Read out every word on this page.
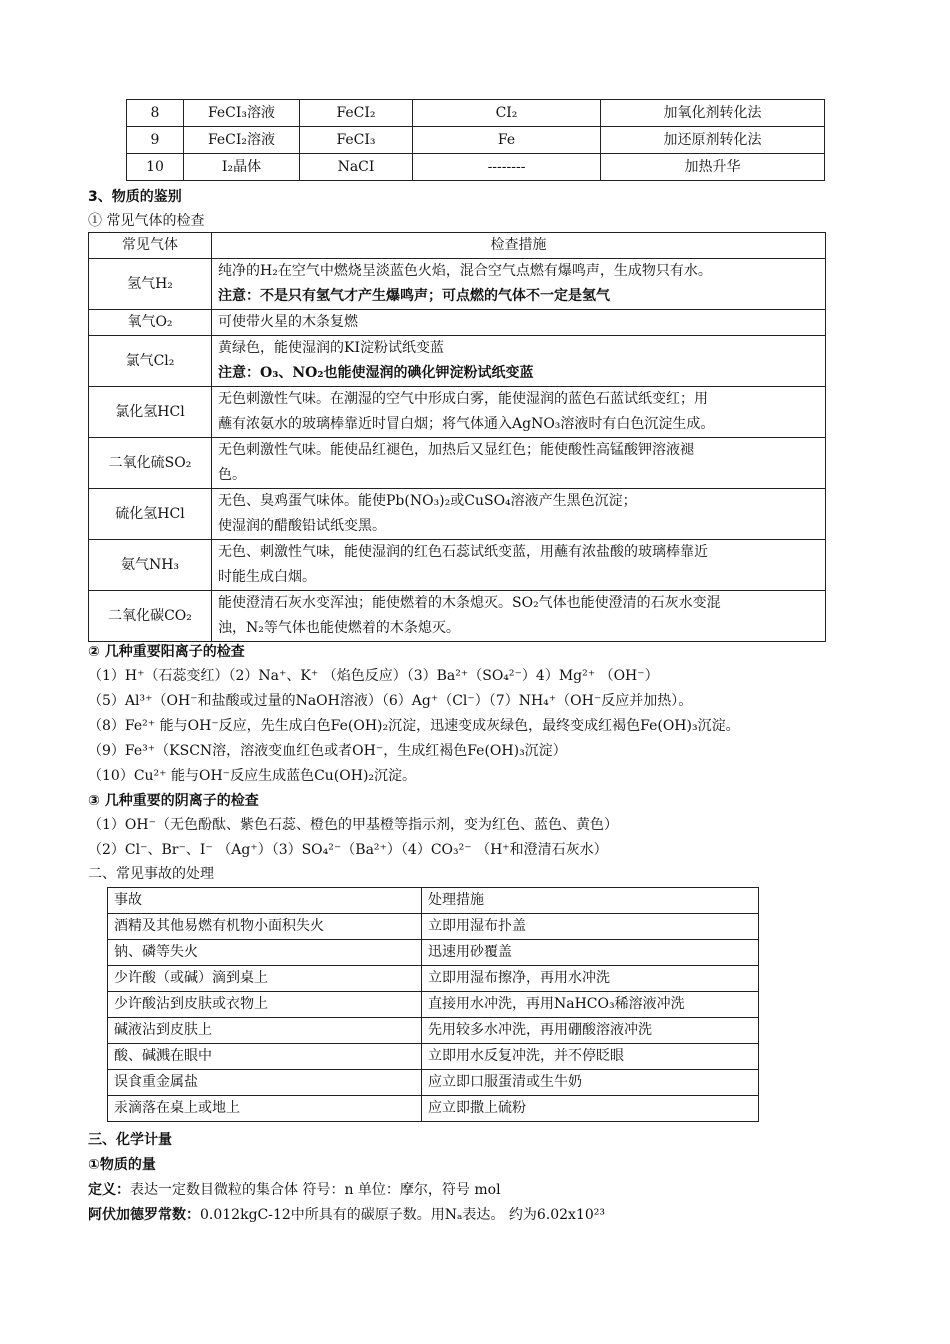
8	FeCI₃溶液	FeCI₂	CI₂	加氧化剂转化法
9	FeCI₂溶液	FeCI₃	Fe	加还原剂转化法
10	I₂晶体	NaCI	--------	加热升华
3、物质的鉴别
① 常见气体的检查
常见气体	检查措施
氢气H₂	纯净的H₂在空气中燃烧呈淡蓝色火焰，混合空气点燃有爆鸣声，生成物只有水。
注意：不是只有氢气才产生爆鸣声；可点燃的气体不一定是氢气

氧气O₂	可使带火星的木条复燃

氯气Cl₂	黄绿色，能使湿润的KI淀粉试纸变蓝
注意：O₃、NO₂也能使湿润的碘化钾淀粉试纸变蓝

氯化氢HCl	无色刺激性气味。在潮湿的空气中形成白雾，能使湿润的蓝色石蓝试纸变红；用
蘸有浓氨水的玻璃棒靠近时冒白烟；将气体通入AgNO₃溶液时有白色沉淀生成。

二氧化硫SO₂	无色刺激性气味。能使品红褪色，加热后又显红色；能使酸性高锰酸钾溶液褪
色。

硫化氢HCl	无色、臭鸡蛋气味体。能使Pb(NO₃)₂或CuSO₄溶液产生黑色沉淀；
使湿润的醋酸铅试纸变黑。

氨气NH₃	无色、刺激性气味，能使湿润的红色石蕊试纸变蓝，用蘸有浓盐酸的玻璃棒靠近
时能生成白烟。

二氧化碳CO₂	能使澄清石灰水变浑浊；能使燃着的木条熄灭。SO₂气体也能使澄清的石灰水变混
浊，N₂等气体也能使燃着的木条熄灭。
② 几种重要阳离子的检查
（1）H⁺（石蕊变红）（2）Na⁺、K⁺ （焰色反应）（3）Ba²⁺（SO₄²⁻）4）Mg²⁺ （OH⁻）
（5）Al³⁺（OH⁻和盐酸或过量的NaOH溶液）（6）Ag⁺（Cl⁻）（7）NH₄⁺（OH⁻反应并加热）。
（8）Fe²⁺ 能与OH⁻反应，先生成白色Fe(OH)₂沉淀，迅速变成灰绿色，最终变成红褐色Fe(OH)₃沉淀。
（9）Fe³⁺（KSCN溶，溶液变血红色或者OH⁻，生成红褐色Fe(OH)₃沉淀）
（10）Cu²⁺ 能与OH⁻反应生成蓝色Cu(OH)₂沉淀。
③ 几种重要的阴离子的检查
（1）OH⁻（无色酚酞、紫色石蕊、橙色的甲基橙等指示剂，变为红色、蓝色、黄色）
（2）Cl⁻、Br⁻、I⁻ （Ag⁺）（3）SO₄²⁻（Ba²⁺）（4）CO₃²⁻ （H⁺和澄清石灰水）
二、常见事故的处理
事故	处理措施
酒精及其他易燃有机物小面积失火	立即用湿布扑盖
钠、磷等失火	迅速用砂覆盖
少许酸（或碱）滴到桌上	立即用湿布擦净，再用水冲洗
少许酸沾到皮肤或衣物上	直接用水冲洗，再用NaHCO₃稀溶液冲洗
碱液沾到皮肤上	先用较多水冲洗，再用硼酸溶液冲洗
酸、碱溅在眼中	立即用水反复冲洗，并不停眨眼
误食重金属盐	应立即口服蛋清或生牛奶
汞滴落在桌上或地上	应立即撒上硫粉
三、化学计量
①物质的量
定义：表达一定数目微粒的集合体 符号：n 单位：摩尔，符号 mol
阿伏加德罗常数：0.012kgC-12中所具有的碳原子数。用Nₐ表达。 约为6.02x10²³
